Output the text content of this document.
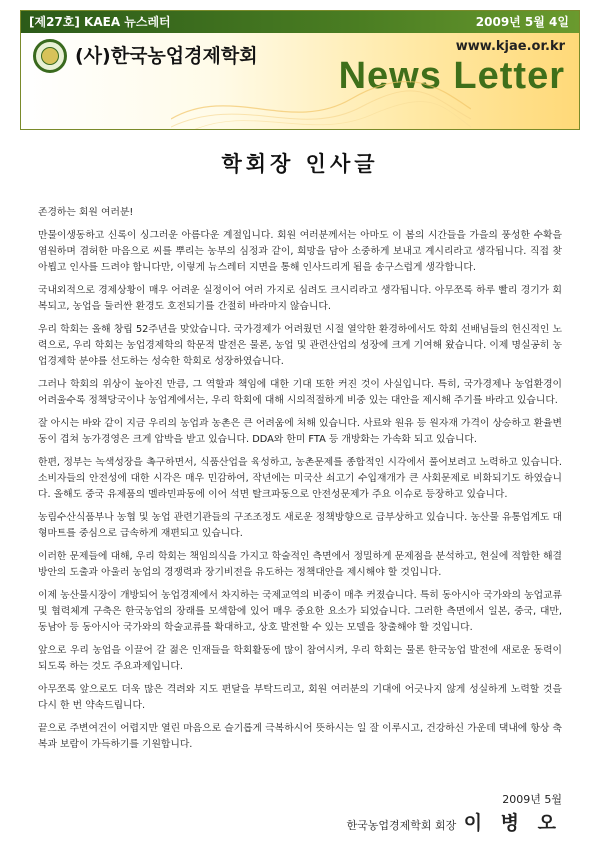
[제27호] KAEA 뉴스레터	2009년 5월 4일
(사)한국농업경제학회	www.kjae.or.kr
News Letter
학회장 인사글

존경하는 회원 여러분!

만물이생동하고 신록이 싱그러운 아름다운 계절입니다. 회원 여러분께서는 아마도 이 봄의 시간들을 가을의 풍성한 수확을 염원하며 겸허한 마음으로 씨를 뿌리는 농부의 심정과 같이, 희망을 담아 소중하게 보내고 계시리라고 생각됩니다. 직접 찾아뵙고 인사를 드려야 합니다만, 이렇게 뉴스레터 지면을 통해 인사드리게 됨을 송구스럽게 생각합니다.

국내외적으로 경제상황이 매우 어려운 실정이어 여러 가지로 심려도 크시리라고 생각됩니다. 아무쪼록 하루 빨리 경기가 회복되고, 농업을 둘러싼 환경도 호전되기를 간절히 바라마지 않습니다.

우리 학회는 올해 창립 52주년을 맞았습니다. 국가경제가 어려웠던 시절 열악한 환경하에서도 학회 선배님들의 헌신적인 노력으로, 우리 학회는 농업경제학의 학문적 발전은 물론, 농업 및 관련산업의 성장에 크게 기여해 왔습니다. 이제 명실공히 농업경제학 분야를 선도하는 성숙한 학회로 성장하였습니다.

그러나 학회의 위상이 높아진 만큼, 그 역할과 책임에 대한 기대 또한 커진 것이 사실입니다. 특히, 국가경제나 농업환경이 어려울수록 정책당국이나 농업계에서는, 우리 학회에 대해 시의적절하게 비중 있는 대안을 제시해 주기를 바라고 있습니다.

잘 아시는 바와 같이 지금 우리의 농업과 농촌은 큰 어려움에 처해 있습니다. 사료와 원유 등 원자재 가격이 상승하고 환율변동이 겹쳐 농가경영은 크게 압박을 받고 있습니다. DDA와 한미 FTA 등 개방화는 가속화 되고 있습니다.

한편, 정부는 녹색성장을 촉구하면서, 식품산업을 육성하고, 농촌문제를 종합적인 시각에서 풀어보려고 노력하고 있습니다. 소비자들의 안전성에 대한 시각은 매우 민감하여, 작년에는 미국산 쇠고기 수입재개가 큰 사회문제로 비화되기도 하였습니다. 올해도 중국 유제품의 멜라민파동에 이어 석면 탈크파동으로 안전성문제가 주요 이슈로 등장하고 있습니다.

농림수산식품부나 농협 및 농업 관련기관들의 구조조정도 새로운 정책방향으로 급부상하고 있습니다. 농산물 유통업계도 대형마트를 중심으로 급속하게 재편되고 있습니다.

이러한 문제들에 대해, 우리 학회는 책임의식을 가지고 학술적인 측면에서 정밀하게 문제점을 분석하고, 현실에 적합한 해결방안의 도출과 아울러 농업의 경쟁력과 장기비전을 유도하는 정책대안을 제시해야 할 것입니다.

이제 농산물시장이 개방되어 농업경제에서 차지하는 국제교역의 비중이 매추 커졌습니다. 특히 동아시아 국가와의 농업교류 및 협력체계 구축은 한국농업의 장래를 모색함에 있어 매우 중요한 요소가 되었습니다. 그러한 측면에서 일본, 중국, 대만, 동남아 등 동아시아 국가와의 학술교류를 확대하고, 상호 발전할 수 있는 모델을 창출해야 할 것입니다.

앞으로 우리 농업을 이끌어 갈 젊은 인재들을 학회활동에 많이 참여시켜, 우리 학회는 물론 한국농업 발전에 새로운 동력이 되도록 하는 것도 주요과제입니다.

아무쪼록 앞으로도 더욱 많은 격려와 지도 편달을 부탁드리고, 회원 여러분의 기대에 어긋나지 않게 성실하게 노력할 것을 다시 한 번 약속드립니다.

끝으로 주변여건이 어렵지만 열린 마음으로 슬기롭게 극복하시어 뜻하시는 일 잘 이루시고, 건강하신 가운데 댁내에 항상 축복과 보람이 가득하기를 기원합니다.

2009년 5월
한국농업경제학회 회장 이 병 오
